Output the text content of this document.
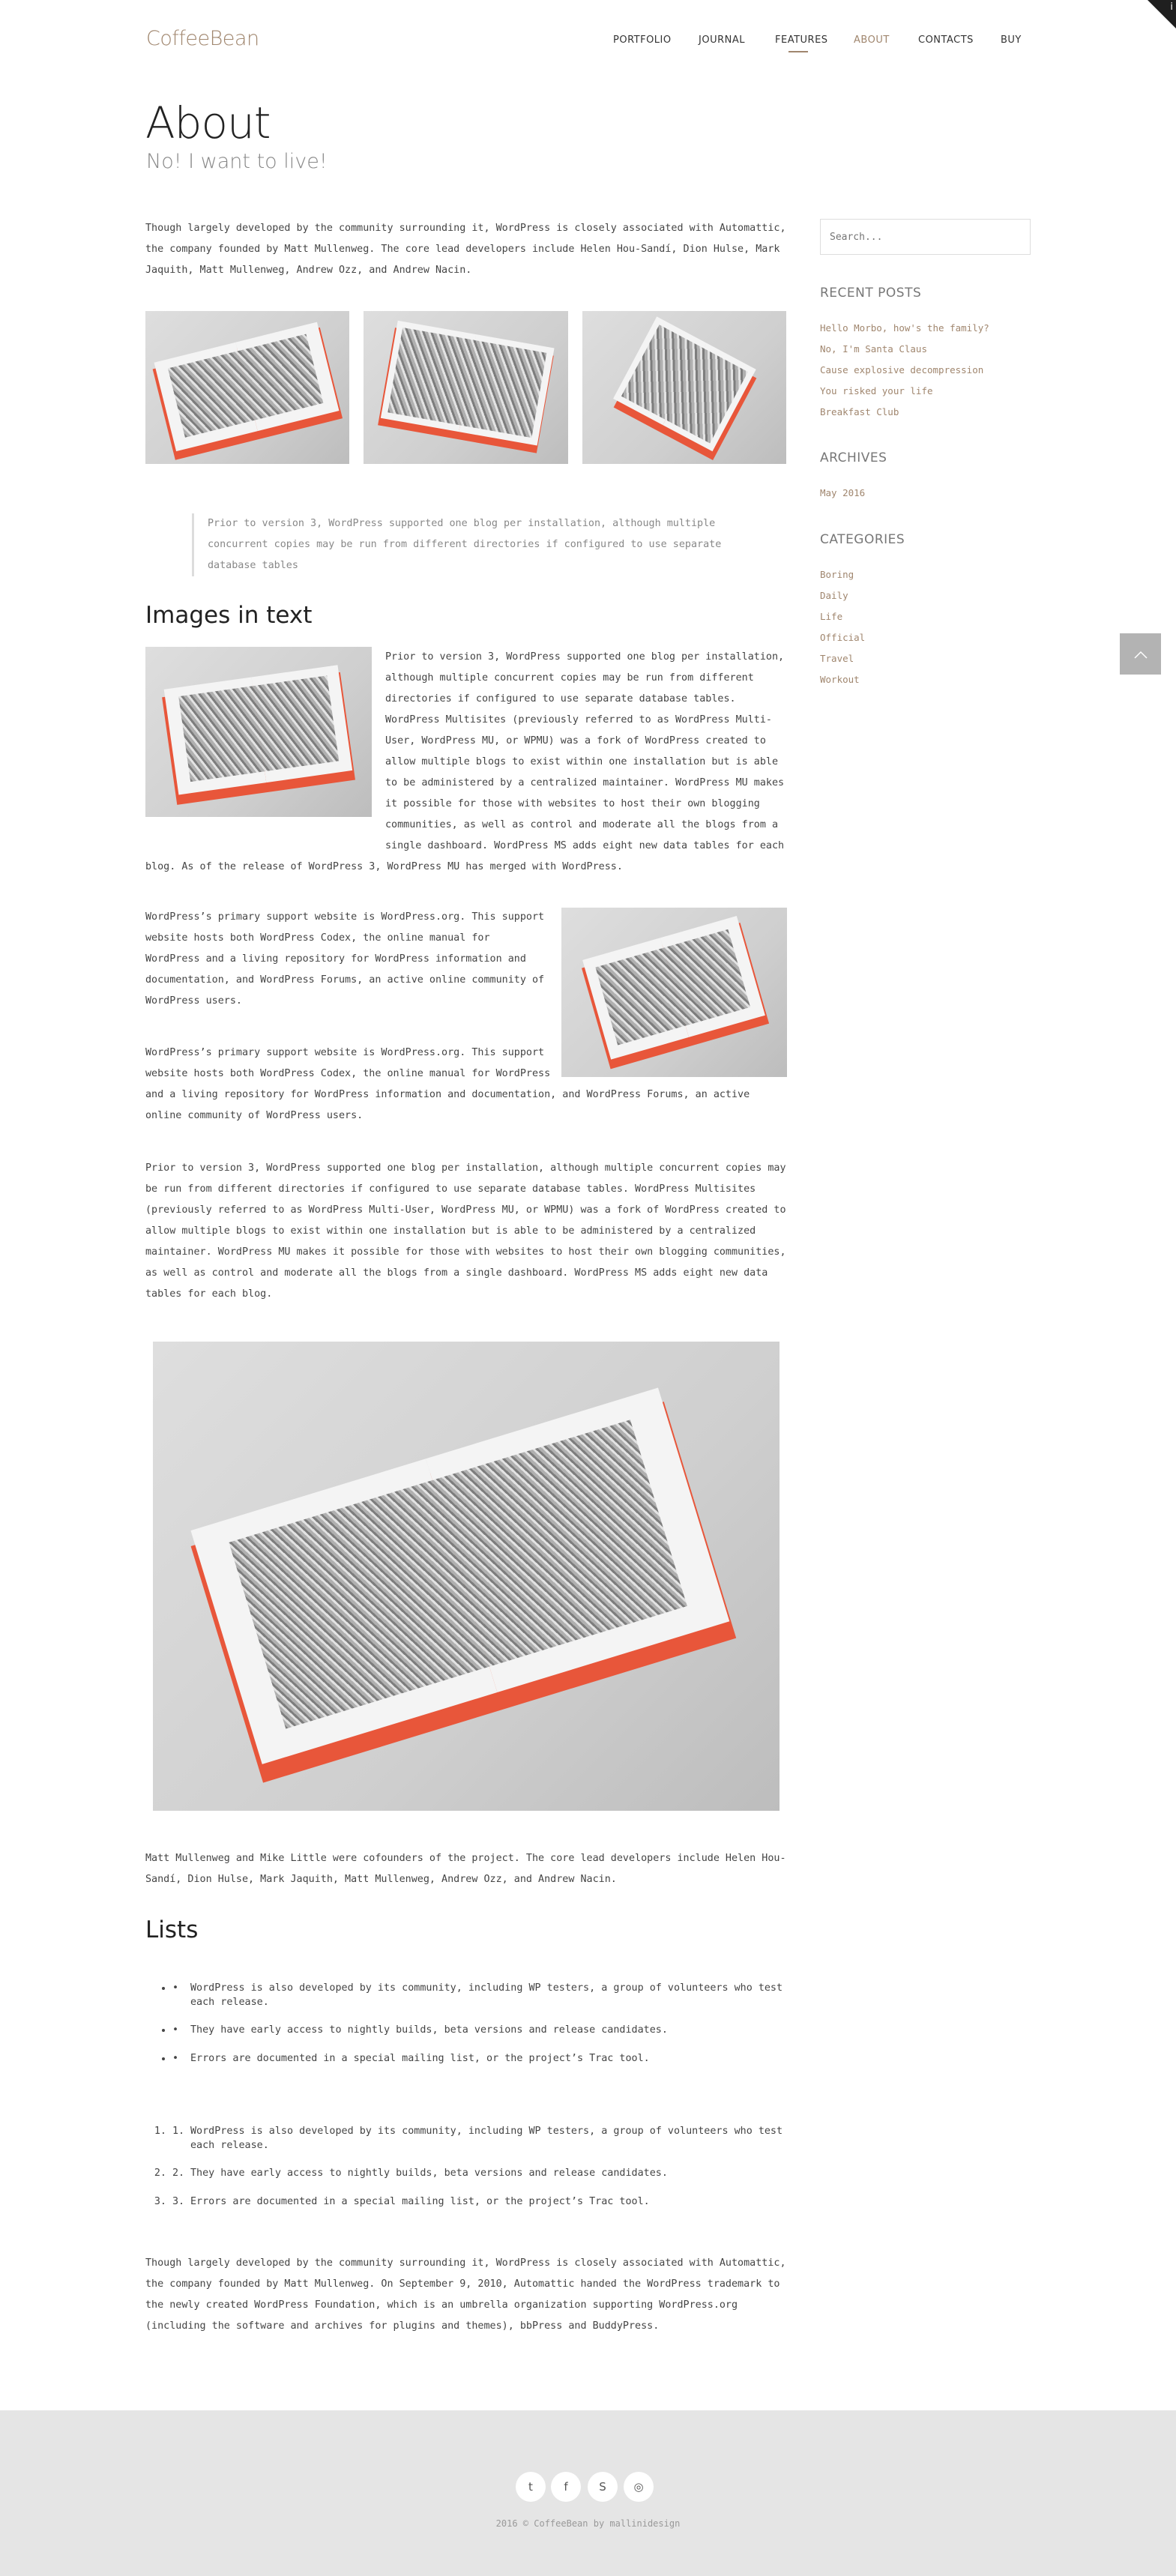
i
CoffeeBean	PORTFOLIO	JOURNAL	FEATURES	ABOUT	CONTACTS	BUY
About
No! I want to live!

Though largely developed by the community surrounding it, WordPress is closely associated with Automattic, the company founded by Matt Mullenweg. The core lead developers include Helen Hou-Sandí, Dion Hulse, Mark Jaquith, Matt Mullenweg, Andrew Ozz, and Andrew Nacin.

Prior to version 3, WordPress supported one blog per installation, although multiple concurrent copies may be run from different directories if configured to use separate database tables
Images in text

Prior to version 3, WordPress supported one blog per installation, although multiple concurrent copies may be run from different directories if configured to use separate database tables. WordPress Multisites (previously referred to as WordPress Multi-User, WordPress MU, or WPMU) was a fork of WordPress created to allow multiple blogs to exist within one installation but is able to be administered by a centralized maintainer. WordPress MU makes it possible for those with websites to host their own blogging communities, as well as control and moderate all the blogs from a single dashboard. WordPress MS adds eight new data tables for each blog. As of the release of WordPress 3, WordPress MU has merged with WordPress.

WordPress’s primary support website is WordPress.org. This support website hosts both WordPress Codex, the online manual for WordPress and a living repository for WordPress information and documentation, and WordPress Forums, an active online community of WordPress users.

WordPress’s primary support website is WordPress.org. This support website hosts both WordPress Codex, the online manual for WordPress and a living repository for WordPress information and documentation, and WordPress Forums, an active online community of WordPress users.

Prior to version 3, WordPress supported one blog per installation, although multiple concurrent copies may be run from different directories if configured to use separate database tables. WordPress Multisites (previously referred to as WordPress Multi-User, WordPress MU, or WPMU) was a fork of WordPress created to allow multiple blogs to exist within one installation but is able to be administered by a centralized maintainer. WordPress MU makes it possible for those with websites to host their own blogging communities, as well as control and moderate all the blogs from a single dashboard. WordPress MS adds eight new data tables for each blog.

Matt Mullenweg and Mike Little were cofounders of the project. The core lead developers include Helen Hou-Sandí, Dion Hulse, Mark Jaquith, Matt Mullenweg, Andrew Ozz, and Andrew Nacin.

Lists
• • WordPress is also developed by its community, including WP testers, a group of volunteers who test each release.
• • They have early access to nightly builds, beta versions and release candidates.
• • Errors are documented in a special mailing list, or the project’s Trac tool.
1. 1. WordPress is also developed by its community, including WP testers, a group of volunteers who test each release.
2. 2. They have early access to nightly builds, beta versions and release candidates.
3. 3. Errors are documented in a special mailing list, or the project’s Trac tool.

Though largely developed by the community surrounding it, WordPress is closely associated with Automattic, the company founded by Matt Mullenweg. On September 9, 2010, Automattic handed the WordPress trademark to the newly created WordPress Foundation, which is an umbrella organization supporting WordPress.org (including the software and archives for plugins and themes), bbPress and BuddyPress.

Search...
RECENT POSTS
Hello Morbo, how's the family?
No, I'm Santa Claus
Cause explosive decompression
You risked your life
Breakfast Club
ARCHIVES
May 2016
CATEGORIES
Boring
Daily
Life
Official
Travel
Workout
t	f	S	◎
2016 © CoffeeBean by mallinidesign
